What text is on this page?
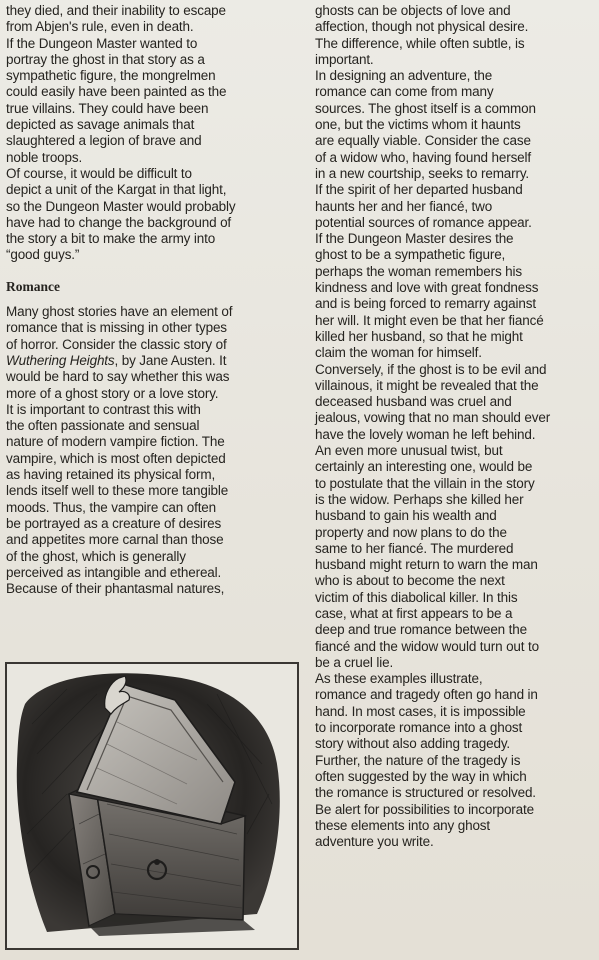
they died, and their inability to escape
from Abjen's rule, even in death.

If the Dungeon Master wanted to
portray the ghost in that story as a
sympathetic figure, the mongrelmen
could easily have been painted as the
true villains. They could have been
depicted as savage animals that
slaughtered a legion of brave and
noble troops.

Of course, it would be difficult to
depict a unit of the Kargat in that light,
so the Dungeon Master would probably
have had to change the background of
the story a bit to make the army into
“good guys.”

Romance

Many ghost stories have an element of
romance that is missing in other types
of horror. Consider the classic story of
Wuthering Heights, by Jane Austen. It
would be hard to say whether this was
more of a ghost story or a love story.

It is important to contrast this with
the often passionate and sensual
nature of modern vampire fiction. The
vampire, which is most often depicted
as having retained its physical form,
lends itself well to these more tangible
moods. Thus, the vampire can often
be portrayed as a creature of desires
and appetites more carnal than those
of the ghost, which is generally
perceived as intangible and ethereal.
Because of their phantasmal natures,

ghosts can be objects of love and
affection, though not physical desire.
The difference, while often subtle, is
important.

In designing an adventure, the
romance can come from many
sources. The ghost itself is a common
one, but the victims whom it haunts
are equally viable. Consider the case
of a widow who, having found herself
in a new courtship, seeks to remarry.
If the spirit of her departed husband
haunts her and her fiancé, two
potential sources of romance appear.

If the Dungeon Master desires the
ghost to be a sympathetic figure,
perhaps the woman remembers his
kindness and love with great fondness
and is being forced to remarry against
her will. It might even be that her fiancé
killed her husband, so that he might
claim the woman for himself.
Conversely, if the ghost is to be evil and
villainous, it might be revealed that the
deceased husband was cruel and
jealous, vowing that no man should ever
have the lovely woman he left behind.

An even more unusual twist, but
certainly an interesting one, would be
to postulate that the villain in the story
is the widow. Perhaps she killed her
husband to gain his wealth and
property and now plans to do the
same to her fiancé. The murdered
husband might return to warn the man
who is about to become the next
victim of this diabolical killer. In this
case, what at first appears to be a
deep and true romance between the
fiancé and the widow would turn out to
be a cruel lie.

As these examples illustrate,
romance and tragedy often go hand in
hand. In most cases, it is impossible
to incorporate romance into a ghost
story without also adding tragedy.
Further, the nature of the tragedy is
often suggested by the way in which
the romance is structured or resolved.
Be alert for possibilities to incorporate
these elements into any ghost
adventure you write.
